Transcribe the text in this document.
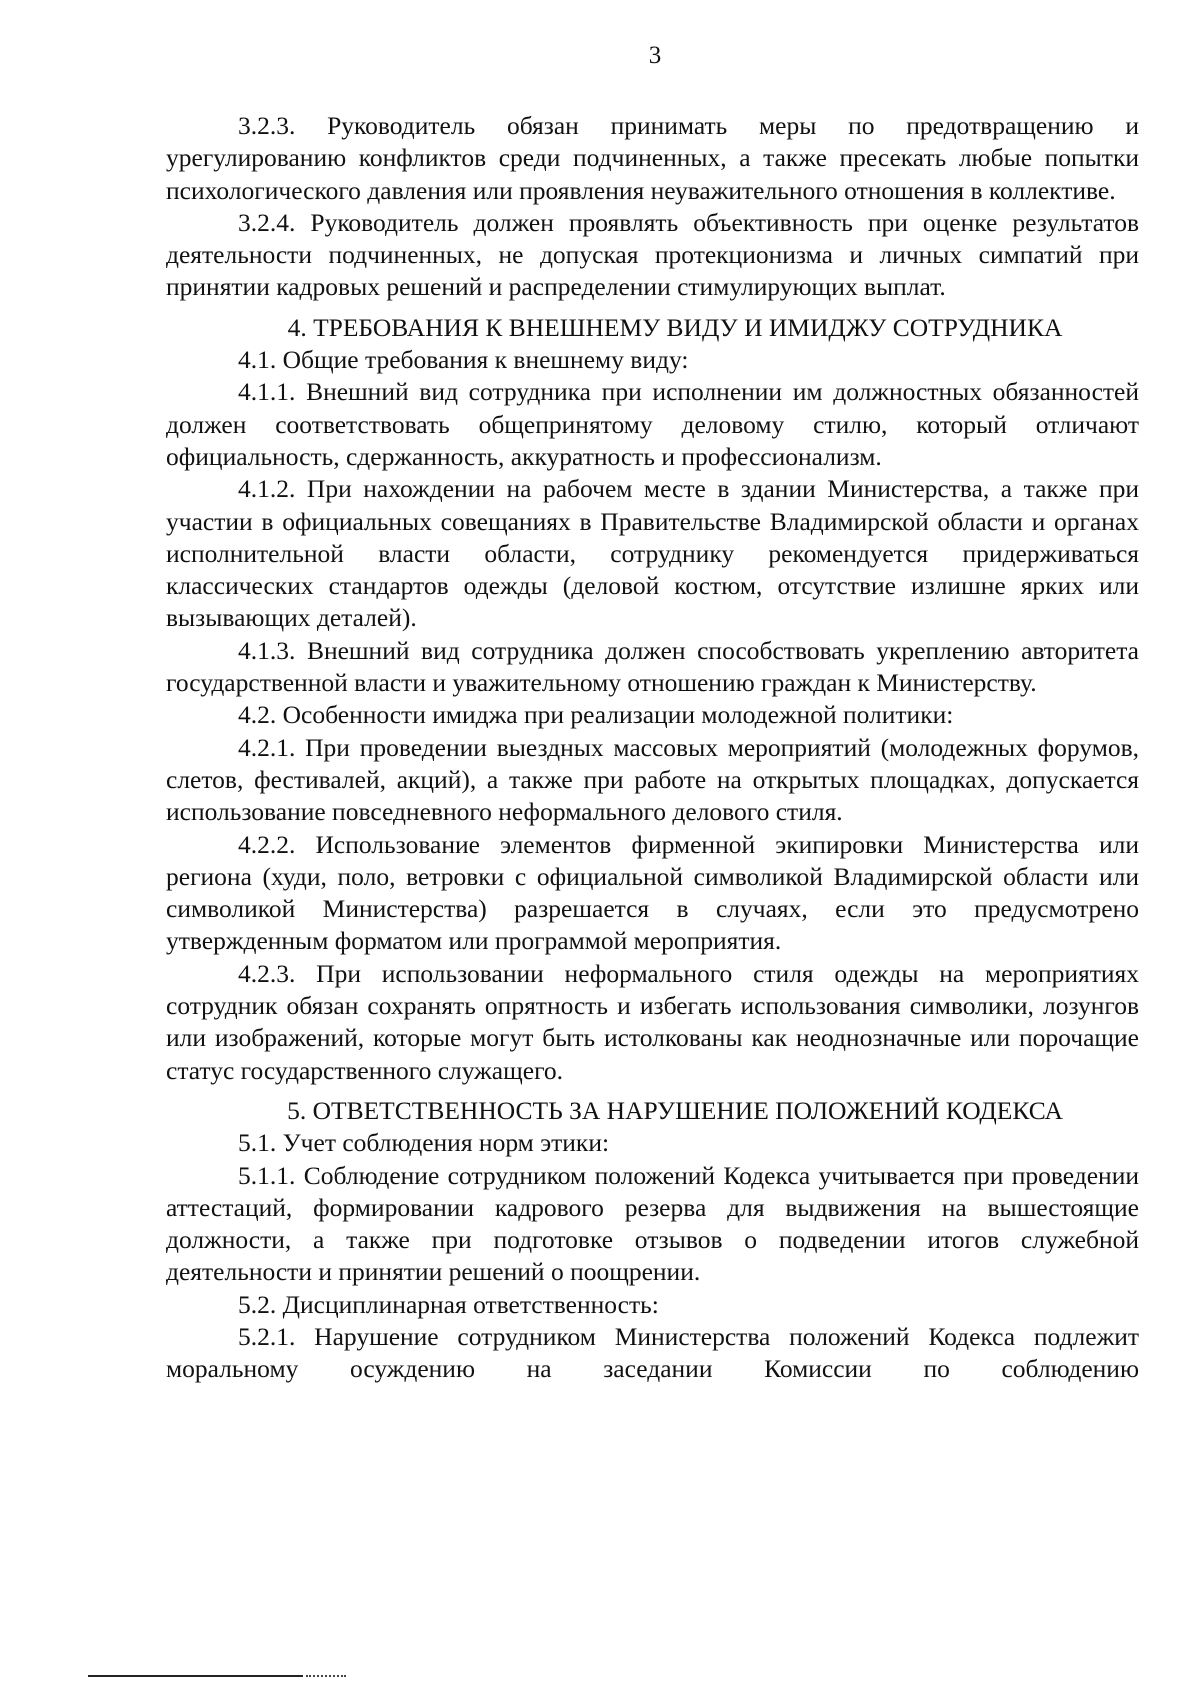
3

3.2.3. Руководитель обязан принимать меры по предотвращению и урегулированию конфликтов среди подчиненных, а также пресекать любые попытки психологического давления или проявления неуважительного отношения в коллективе.

3.2.4. Руководитель должен проявлять объективность при оценке результатов деятельности подчиненных, не допуская протекционизма и личных симпатий при принятии кадровых решений и распределении стимулирующих выплат.

4. ТРЕБОВАНИЯ К ВНЕШНЕМУ ВИДУ И ИМИДЖУ СОТРУДНИКА

4.1. Общие требования к внешнему виду:

4.1.1. Внешний вид сотрудника при исполнении им должностных обязанностей должен соответствовать общепринятому деловому стилю, который отличают официальность, сдержанность, аккуратность и профессионализм.

4.1.2. При нахождении на рабочем месте в здании Министерства, а также при участии в официальных совещаниях в Правительстве Владимирской области и органах исполнительной власти области, сотруднику рекомендуется придерживаться классических стандартов одежды (деловой костюм, отсутствие излишне ярких или вызывающих деталей).

4.1.3. Внешний вид сотрудника должен способствовать укреплению авторитета государственной власти и уважительному отношению граждан к Министерству.

4.2. Особенности имиджа при реализации молодежной политики:

4.2.1. При проведении выездных массовых мероприятий (молодежных форумов, слетов, фестивалей, акций), а также при работе на открытых площадках, допускается использование повседневного неформального делового стиля.

4.2.2. Использование элементов фирменной экипировки Министерства или региона (худи, поло, ветровки с официальной символикой Владимирской области или символикой Министерства) разрешается в случаях, если это предусмотрено утвержденным форматом или программой мероприятия.

4.2.3. При использовании неформального стиля одежды на мероприятиях сотрудник обязан сохранять опрятность и избегать использования символики, лозунгов или изображений, которые могут быть истолкованы как неоднозначные или порочащие статус государственного служащего.

5. ОТВЕТСТВЕННОСТЬ ЗА НАРУШЕНИЕ ПОЛОЖЕНИЙ КОДЕКСА

5.1. Учет соблюдения норм этики:

5.1.1. Соблюдение сотрудником положений Кодекса учитывается при проведении аттестаций, формировании кадрового резерва для выдвижения на вышестоящие должности, а также при подготовке отзывов о подведении итогов служебной деятельности и принятии решений о поощрении.

5.2. Дисциплинарная ответственность:

5.2.1. Нарушение сотрудником Министерства положений Кодекса подлежит моральному осуждению на заседании Комиссии по соблюдению
